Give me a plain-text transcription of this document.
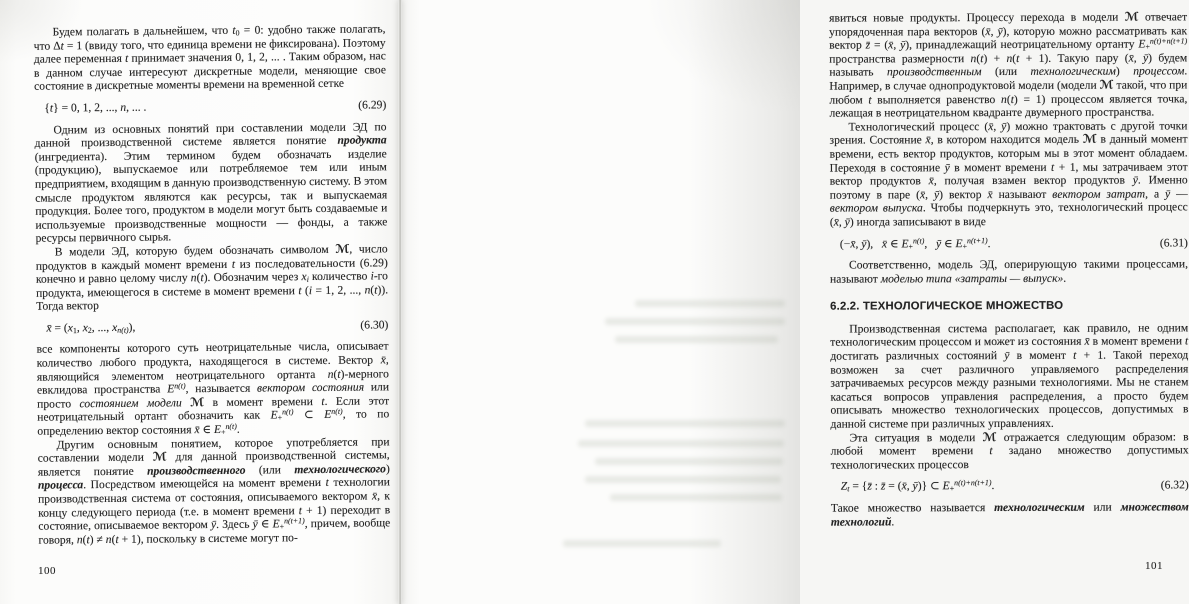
Будем полагать в дальнейшем, что $t_0 = 0$: удобно также полагать, что Δt = 1 (ввиду того, что единица времени не фиксирована). Поэтому далее переменная t принимает значения 0, 1, 2, ... . Таким образом, нас в данном случае интересуют дискретные модели, меняющие свое состояние в дискретные моменты времени на временной сетке

{t} = 0, 1, 2, ..., n, ... .	(6.29)

Одним из основных понятий при составлении модели ЭД по данной производственной системе является понятие продукта (ингредиента). Этим термином будем обозначать изделие (продукцию), выпускаемое или потребляемое тем или иным предприятием, входящим в данную производственную систему. В этом смысле продуктом являются как ресурсы, так и выпускаемая продукция. Более того, продуктом в модели могут быть создаваемые и используемые производственные мощности — фонды, а также ресурсы первичного сырья.

В модели ЭД, которую будем обозначать символом ℳ, число продуктов в каждый момент времени t из последовательности (6.29) конечно и равно целому числу n(t). Обозначим через $x_i$ количество i-го продукта, имеющегося в системе в момент времени t (i = 1, 2, ..., n(t)). Тогда вектор

x̄ = ($x_1$, $x_2$, ..., $x_{n(t)}$),	(6.30)

все компоненты которого суть неотрицательные числа, описывает количество любого продукта, находящегося в системе. Вектор x̄, являющийся элементом неотрицательного ортанта n(t)-мерного евклидова пространства $E^{n(t)}$, называется вектором состояния или просто состоянием модели ℳ в момент времени t. Если этот неотрицательный ортант обозначить как $E_+^{n(t)}$ ⊂ $E^{n(t)}$, то по определению вектор состояния x̄ ∈ $E_+^{n(t)}$.

Другим основным понятием, которое употребляется при составлении модели ℳ для данной производственной системы, является понятие производственного (или технологического) процесса. Посредством имеющейся на момент времени t технологии производственная система от состояния, описываемого вектором x̄, к концу следующего периода (т.е. в момент времени t + 1) переходит в состояние, описываемое вектором ȳ. Здесь ȳ ∈ $E_+^{n(t+1)}$, причем, вообще говоря, n(t) ≠ n(t + 1), поскольку в системе могут по-

100

явиться новые продукты. Процессу перехода в модели ℳ отвечает упорядоченная пара векторов (x̄, ȳ), которую можно рассматривать как вектор z̄ = (x̄, ȳ), принадлежащий неотрицательному ортанту $E_+^{n(t)+n(t+1)}$ пространства размерности n(t) + n(t + 1). Такую пару (x̄, ȳ) будем называть производственным (или технологическим) процессом. Например, в случае однопродуктовой модели (модели ℳ такой, что при любом t выполняется равенство n(t) = 1) процессом является точка, лежащая в неотрицательном квадранте двумерного пространства.

Технологический процесс (x̄, ȳ) можно трактовать с другой точки зрения. Состояние x̄, в котором находится модель ℳ в данный момент времени, есть вектор продуктов, которым мы в этот момент обладаем. Переходя в состояние ȳ в момент времени t + 1, мы затрачиваем этот вектор продуктов x̄, получая взамен вектор продуктов ȳ. Именно поэтому в паре (x̄, ȳ) вектор x̄ называют вектором затрат, а ȳ — вектором выпуска. Чтобы подчеркнуть это, технологический процесс (x̄, ȳ) иногда записывают в виде

(−x̄, ȳ),   x̄ ∈ $E_+^{n(t)}$,   ȳ ∈ $E_+^{n(t+1)}$.	(6.31)

Соответственно, модель ЭД, оперирующую такими процессами, называют моделью типа «затраты — выпуск».

6.2.2. ТЕХНОЛОГИЧЕСКОЕ МНОЖЕСТВО

Производственная система располагает, как правило, не одним технологическим процессом и может из состояния x̄ в момент времени t достигать различных состояний ȳ в момент t + 1. Такой переход возможен за счет различного управляемого распределения затрачиваемых ресурсов между разными технологиями. Мы не станем касаться вопросов управления распределения, а просто будем описывать множество технологических процессов, допустимых в данной системе при различных управлениях.

Эта ситуация в модели ℳ отражается следующим образом: в любой момент времени t задано множество допустимых технологических процессов

$Z_t$ = {z̄ : z̄ = (x̄, ȳ)} ⊂ $E_+^{n(t)+n(t+1)}$.	(6.32)

Такое множество называется технологическим или множеством технологий.

101
